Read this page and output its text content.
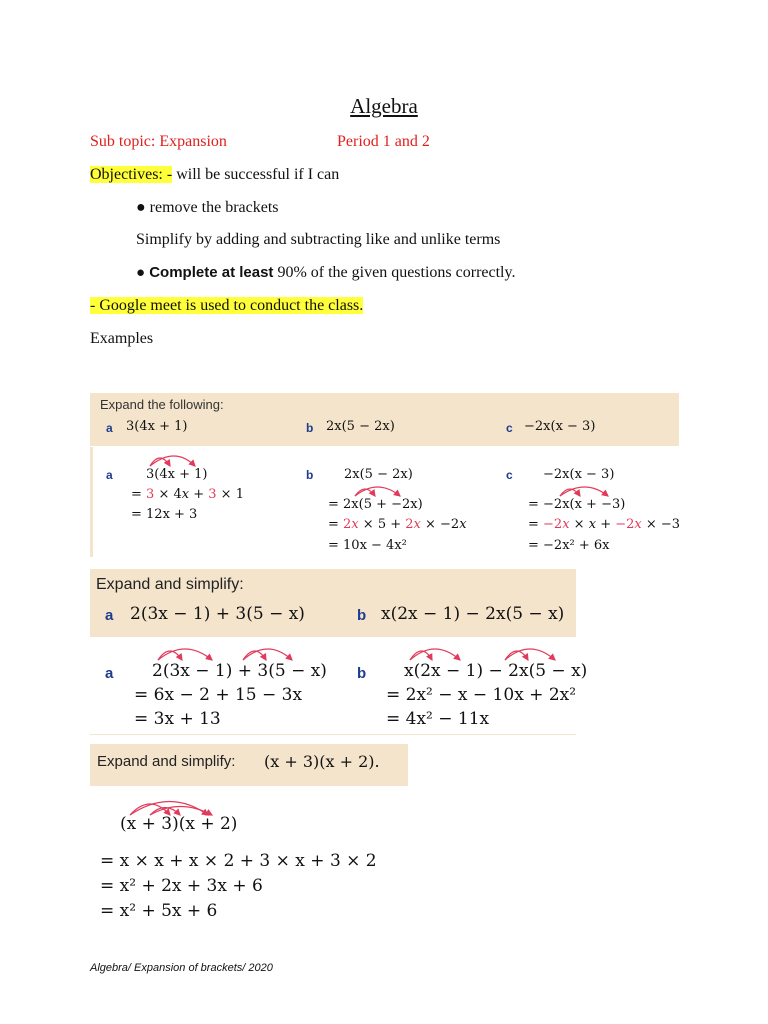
Algebra
Sub topic: Expansion	Period 1 and 2
Objectives: - will be successful if I can
● remove the brackets
Simplify by adding and subtracting like and unlike terms
● Complete at least 90% of the given questions correctly.
- Google meet is used to conduct the class.
Examples
Expand the following:
a 3(4x + 1)	b 2x(5 − 2x)	c −2x(x − 3)
a	3(4x + 1)
= 3 × 4x + 3 × 1
= 12x + 3
b 2x(5 − 2x)
= 2x(5 + −2x)
= 2x × 5 + 2x × −2x
= 10x − 4x²
c −2x(x − 3)
= −2x(x + −3)
= −2x × x + −2x × −3
= −2x² + 6x
Expand and simplify:
a 2(3x − 1) + 3(5 − x)	b x(2x − 1) − 2x(5 − x)
a 2(3x − 1) + 3(5 − x)
= 6x − 2 + 15 − 3x
= 3x + 13
b x(2x − 1) − 2x(5 − x)
= 2x² − x − 10x + 2x²
= 4x² − 11x
Expand and simplify: (x + 3)(x + 2).
(x + 3)(x + 2)
= x × x + x × 2 + 3 × x + 3 × 2
= x² + 2x + 3x + 6
= x² + 5x + 6
Algebra/ Expansion of brackets/ 2020
